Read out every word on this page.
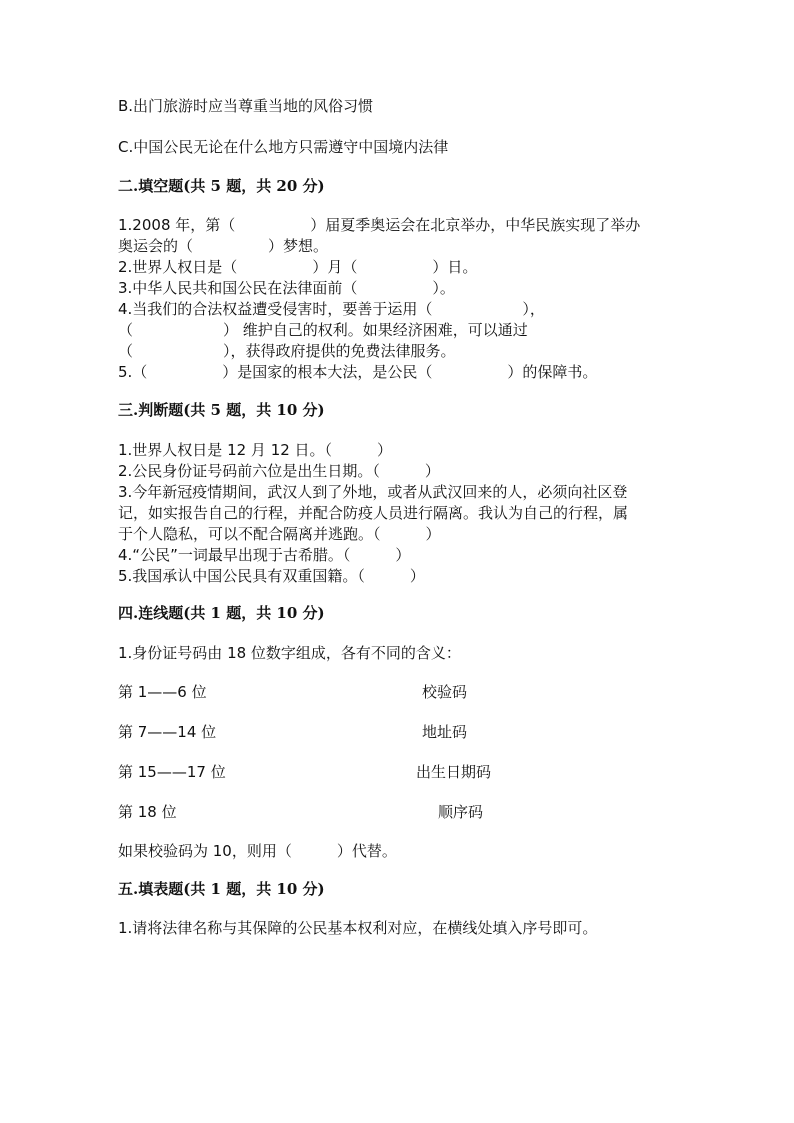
B.出门旅游时应当尊重当地的风俗习惯
C.中国公民无论在什么地方只需遵守中国境内法律
二.填空题(共 5 题，共 20 分)
1.2008 年，第（　　　　　）届夏季奥运会在北京举办，中华民族实现了举办
奥运会的（　　　　　）梦想。
2.世界人权日是（　　　　　）月（　　　　　）日。
3.中华人民共和国公民在法律面前（　　　　　）。
4.当我们的合法权益遭受侵害时，要善于运用（　　　　　　），
（　　　　　　） 维护自己的权利。如果经济困难，可以通过
（　　　　　　），获得政府提供的免费法律服务。
5.（　　　　　）是国家的根本大法，是公民（　　　　　）的保障书。
三.判断题(共 5 题，共 10 分)
1.世界人权日是 12 月 12 日。（　　　）
2.公民身份证号码前六位是出生日期。（　　　）
3.今年新冠疫情期间，武汉人到了外地，或者从武汉回来的人，必须向社区登
记，如实报告自己的行程，并配合防疫人员进行隔离。我认为自己的行程，属
于个人隐私，可以不配合隔离并逃跑。（　　　）
4.“公民”一词最早出现于古希腊。（　　　）
5.我国承认中国公民具有双重国籍。（　　　）
四.连线题(共 1 题，共 10 分)
1.身份证号码由 18 位数字组成，各有不同的含义：
第 1——6 位	校验码
第 7——14 位	地址码
第 15——17 位	出生日期码
第 18 位	顺序码
如果校验码为 10，则用（　　　）代替。
五.填表题(共 1 题，共 10 分)
1.请将法律名称与其保障的公民基本权利对应，在横线处填入序号即可。
